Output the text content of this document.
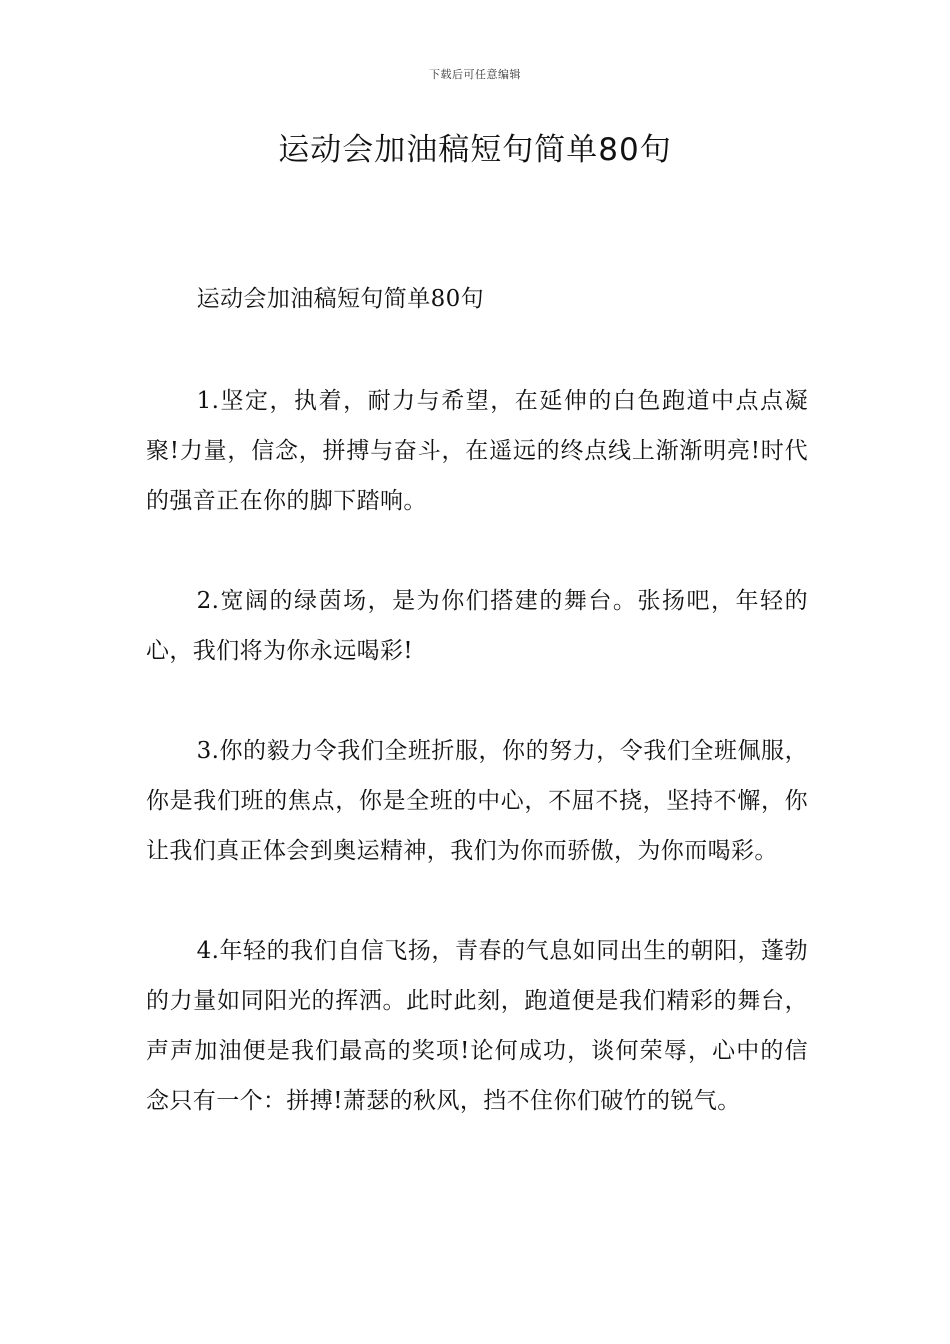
下载后可任意编辑
运动会加油稿短句简单80句

运动会加油稿短句简单80句

1.坚定，执着，耐力与希望，在延伸的白色跑道中点点凝聚!力量，信念，拼搏与奋斗，在遥远的终点线上渐渐明亮!时代的强音正在你的脚下踏响。

2.宽阔的绿茵场，是为你们搭建的舞台。张扬吧，年轻的心，我们将为你永远喝彩!

3.你的毅力令我们全班折服，你的努力，令我们全班佩服，你是我们班的焦点，你是全班的中心，不屈不挠，坚持不懈，你让我们真正体会到奥运精神，我们为你而骄傲，为你而喝彩。

4.年轻的我们自信飞扬，青春的气息如同出生的朝阳，蓬勃的力量如同阳光的挥洒。此时此刻，跑道便是我们精彩的舞台，声声加油便是我们最高的奖项!论何成功，谈何荣辱，心中的信念只有一个：拼搏!萧瑟的秋风，挡不住你们破竹的锐气。
